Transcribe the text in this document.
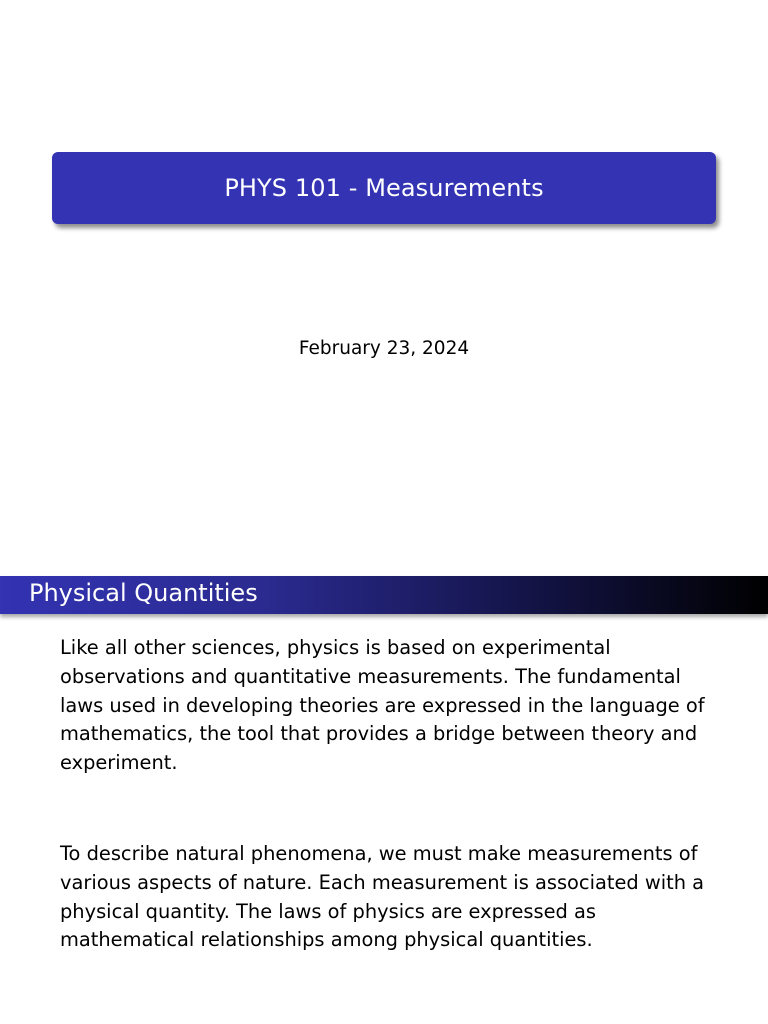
PHYS 101 - Measurements
February 23, 2024
Physical Quantities

Like all other sciences, physics is based on experimental
observations and quantitative measurements. The fundamental
laws used in developing theories are expressed in the language of
mathematics, the tool that provides a bridge between theory and
experiment.

To describe natural phenomena, we must make measurements of
various aspects of nature. Each measurement is associated with a
physical quantity. The laws of physics are expressed as
mathematical relationships among physical quantities.
